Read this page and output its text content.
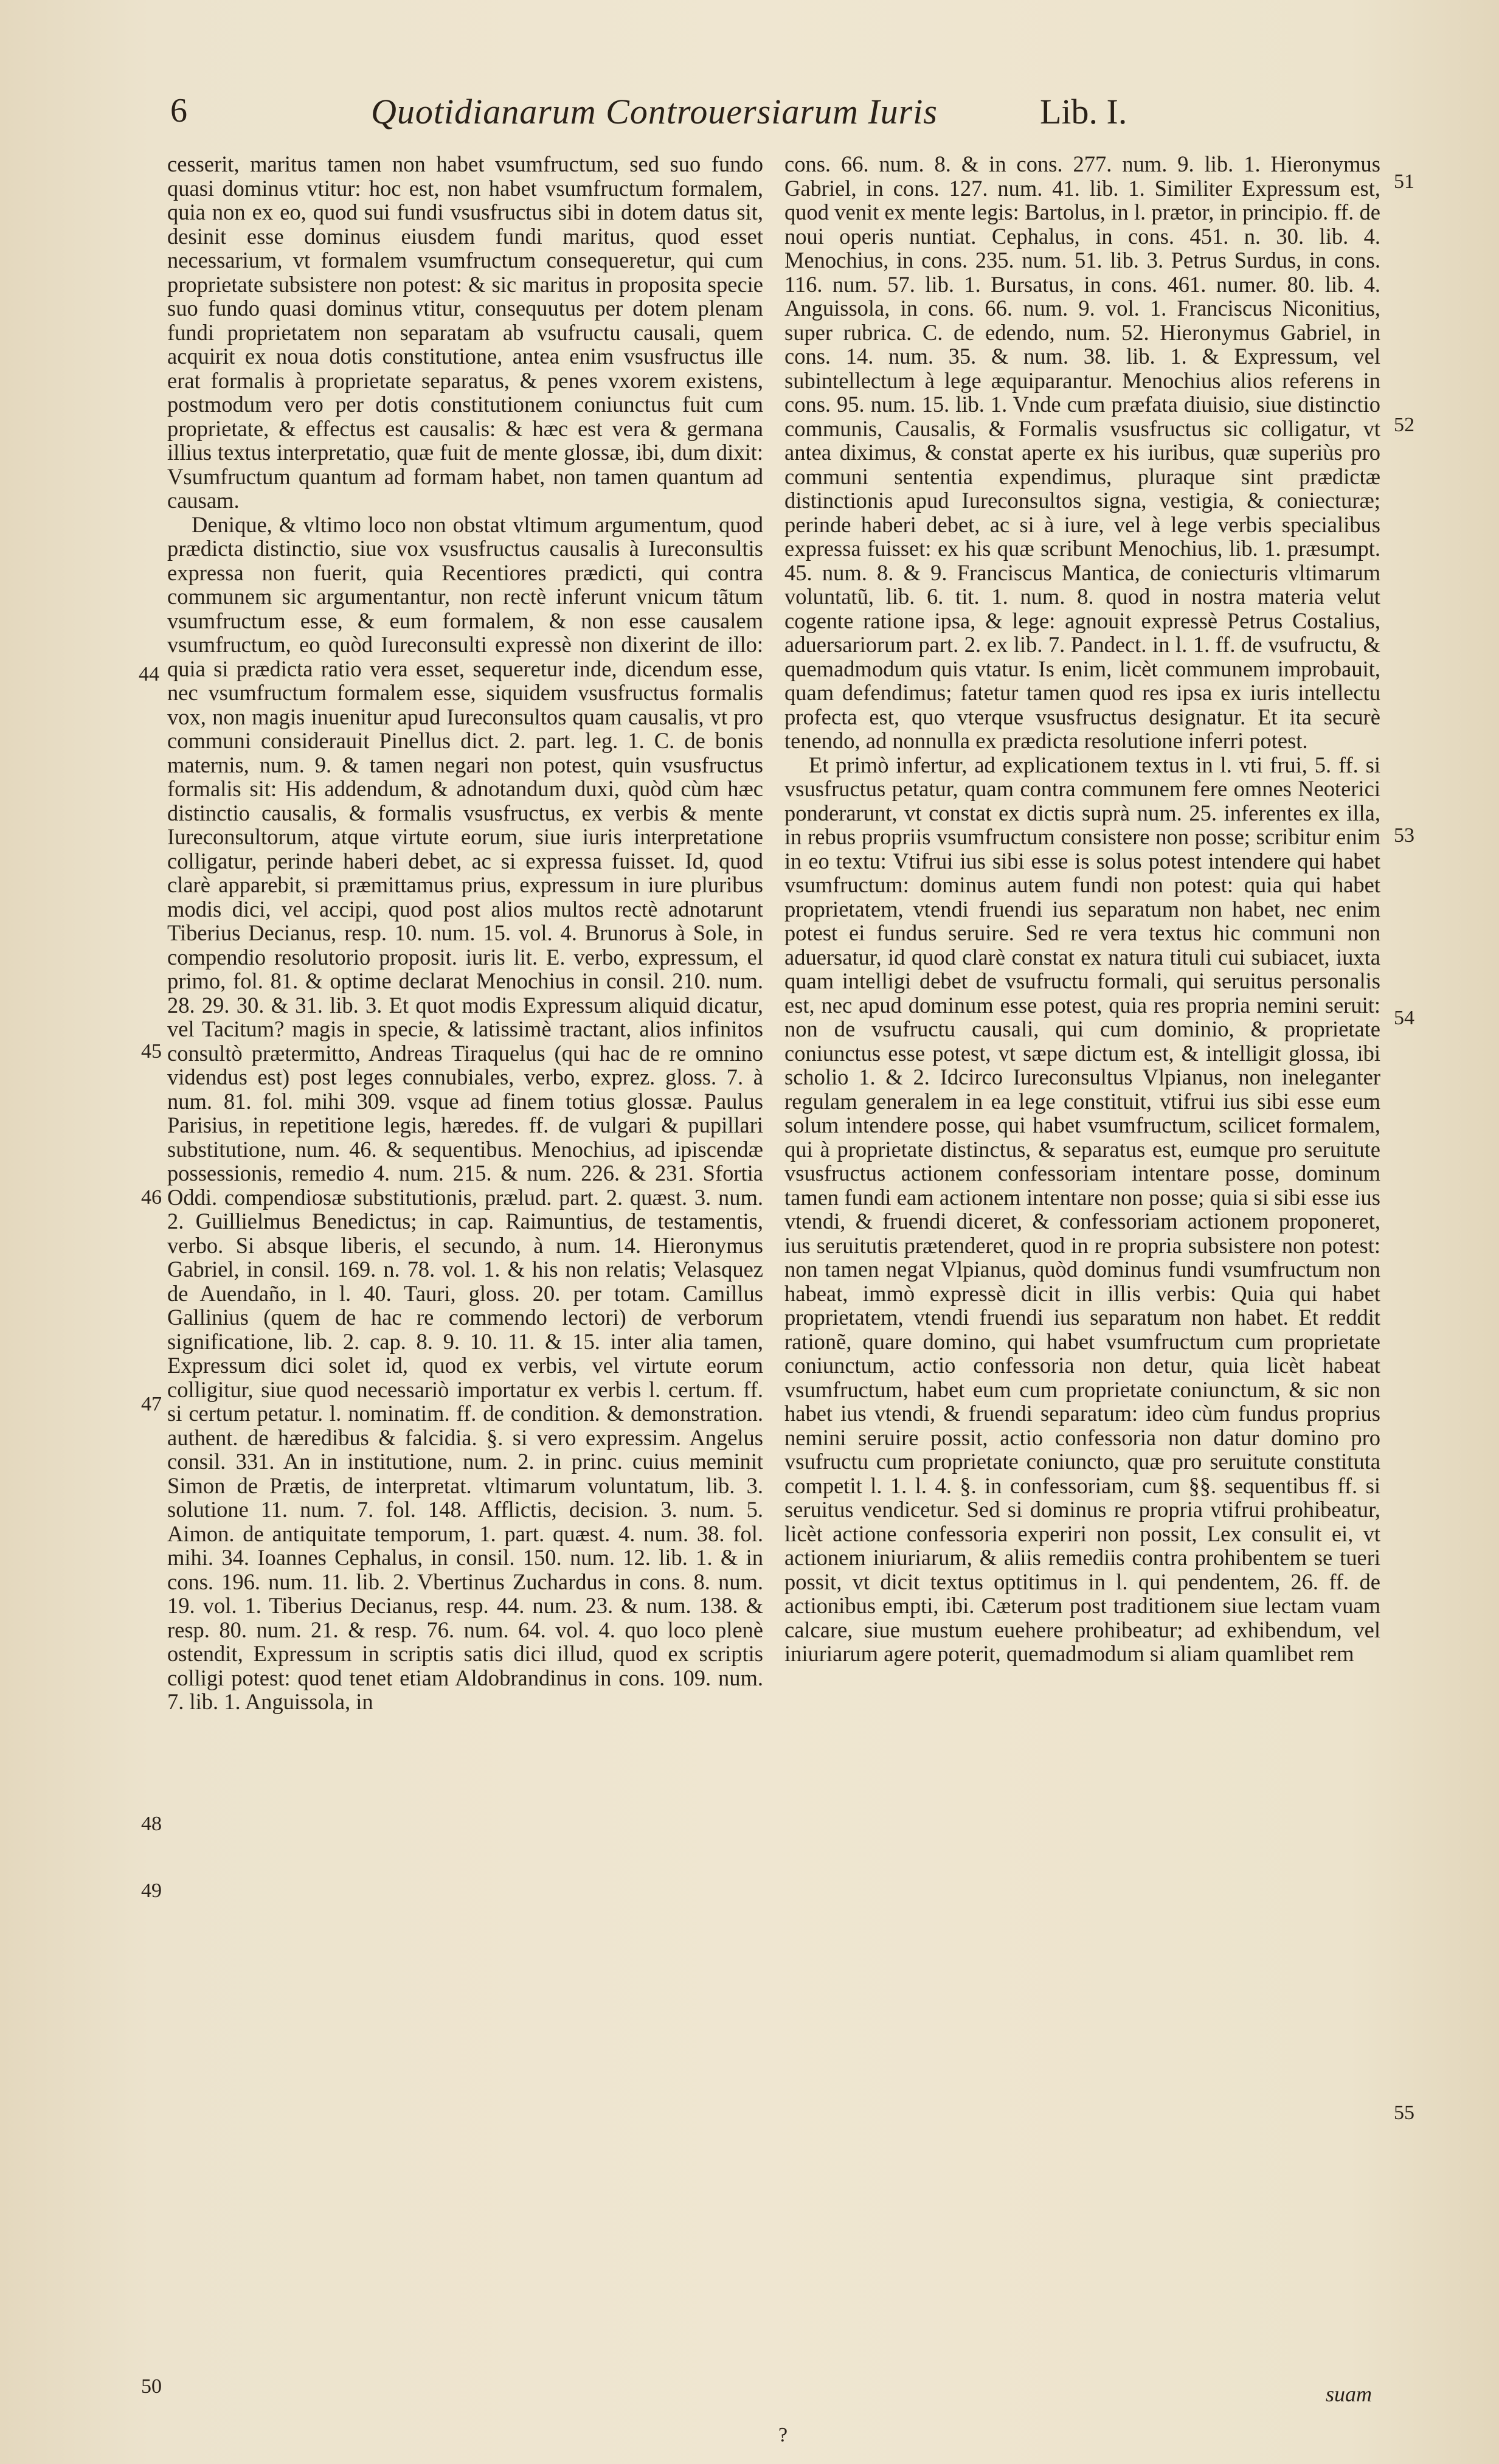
6	Quotidianarum Controuersiarum Iuris	Lib. I.

cesserit, maritus tamen non habet vsumfructum, sed suo fundo quasi dominus vtitur: hoc est, non habet vsumfructum formalem, quia non ex eo, quod sui fundi vsusfructus sibi in dotem datus sit, desinit esse dominus eiusdem fundi maritus, quod esset necessarium, vt formalem vsumfructum consequeretur, qui cum proprietate subsistere non potest: & sic maritus in proposita specie suo fundo quasi dominus vtitur, consequutus per dotem plenam fundi proprietatem non separatam ab vsufructu causali, quem acquirit ex noua dotis constitutione, antea enim vsusfructus ille erat formalis à proprietate separatus, & penes vxorem existens, postmodum vero per dotis constitutionem coniunctus fuit cum proprietate, & effectus est causalis: & hæc est vera & germana illius textus interpretatio, quæ fuit de mente glossæ, ibi, dum dixit: Vsumfructum quantum ad formam habet, non tamen quantum ad causam.

Denique, & vltimo loco non obstat vltimum argumentum, quod prædicta distinctio, siue vox vsusfructus causalis à Iureconsultis expressa non fuerit, quia Recentiores prædicti, qui contra communem sic argumentantur, non rectè inferunt vnicum tãtum vsumfructum esse, & eum formalem, & non esse causalem vsumfructum, eo quòd Iureconsulti expressè non dixerint de illo: quia si prædicta ratio vera esset, sequeretur inde, dicendum esse, nec vsumfructum formalem esse, siquidem vsusfructus formalis vox, non magis inuenitur apud Iureconsultos quam causalis, vt pro communi considerauit Pinellus dict. 2. part. leg. 1. C. de bonis maternis, num. 9. & tamen negari non potest, quin vsusfructus formalis sit: His addendum, & adnotandum duxi, quòd cùm hæc distinctio causalis, & formalis vsusfructus, ex verbis & mente Iureconsultorum, atque virtute eorum, siue iuris interpretatione colligatur, perinde haberi debet, ac si expressa fuisset. Id, quod clarè apparebit, si præmittamus prius, expressum in iure pluribus modis dici, vel accipi, quod post alios multos rectè adnotarunt Tiberius Decianus, resp. 10. num. 15. vol. 4. Brunorus à Sole, in compendio resolutorio proposit. iuris lit. E. verbo, expressum, el primo, fol. 81. & optime declarat Menochius in consil. 210. num. 28. 29. 30. & 31. lib. 3. Et quot modis Expressum aliquid dicatur, vel Tacitum? magis in specie, & latissimè tractant, alios infinitos consultò prætermitto, Andreas Tiraquelus (qui hac de re omnino videndus est) post leges connubiales, verbo, exprez. gloss. 7. à num. 81. fol. mihi 309. vsque ad finem totius glossæ. Paulus Parisius, in repetitione legis, hæredes. ff. de vulgari & pupillari substitutione, num. 46. & sequentibus. Menochius, ad ipiscendæ possessionis, remedio 4. num. 215. & num. 226. & 231. Sfortia Oddi. compendiosæ substitutionis, prælud. part. 2. quæst. 3. num. 2. Guillielmus Benedictus; in cap. Raimuntius, de testamentis, verbo. Si absque liberis, el secundo, à num. 14. Hieronymus Gabriel, in consil. 169. n. 78. vol. 1. & his non relatis; Velasquez de Auendaño, in l. 40. Tauri, gloss. 20. per totam. Camillus Gallinius (quem de hac re commendo lectori) de verborum significatione, lib. 2. cap. 8. 9. 10. 11. & 15. inter alia tamen, Expressum dici solet id, quod ex verbis, vel virtute eorum colligitur, siue quod necessariò importatur ex verbis l. certum. ff. si certum petatur. l. nominatim. ff. de condition. & demonstration. authent. de hæredibus & falcidia. §. si vero expressim. Angelus consil. 331. An in institutione, num. 2. in princ. cuius meminit Simon de Prætis, de interpretat. vltimarum voluntatum, lib. 3. solutione 11. num. 7. fol. 148. Afflictis, decision. 3. num. 5. Aimon. de antiquitate temporum, 1. part. quæst. 4. num. 38. fol. mihi. 34. Ioannes Cephalus, in consil. 150. num. 12. lib. 1. & in cons. 196. num. 11. lib. 2. Vbertinus Zuchardus in cons. 8. num. 19. vol. 1. Tiberius Decianus, resp. 44. num. 23. & num. 138. & resp. 80. num. 21. & resp. 76. num. 64. vol. 4. quo loco plenè ostendit, Expressum in scriptis satis dici illud, quod ex scriptis colligi potest: quod tenet etiam Aldobrandinus in cons. 109. num. 7. lib. 1. Anguissola, in

cons. 66. num. 8. & in cons. 277. num. 9. lib. 1. Hieronymus Gabriel, in cons. 127. num. 41. lib. 1. Similiter Expressum est, quod venit ex mente legis: Bartolus, in l. prætor, in principio. ff. de noui operis nuntiat. Cephalus, in cons. 451. n. 30. lib. 4. Menochius, in cons. 235. num. 51. lib. 3. Petrus Surdus, in cons. 116. num. 57. lib. 1. Bursatus, in cons. 461. numer. 80. lib. 4. Anguissola, in cons. 66. num. 9. vol. 1. Franciscus Niconitius, super rubrica. C. de edendo, num. 52. Hieronymus Gabriel, in cons. 14. num. 35. & num. 38. lib. 1. & Expressum, vel subintellectum à lege æquiparantur. Menochius alios referens in cons. 95. num. 15. lib. 1. Vnde cum præfata diuisio, siue distinctio communis, Causalis, & Formalis vsusfructus sic colligatur, vt antea diximus, & constat aperte ex his iuribus, quæ superiùs pro communi sententia expendimus, pluraque sint prædictæ distinctionis apud Iureconsultos signa, vestigia, & coniecturæ; perinde haberi debet, ac si à iure, vel à lege verbis specialibus expressa fuisset: ex his quæ scribunt Menochius, lib. 1. præsumpt. 45. num. 8. & 9. Franciscus Mantica, de coniecturis vltimarum voluntatũ, lib. 6. tit. 1. num. 8. quod in nostra materia velut cogente ratione ipsa, & lege: agnouit expressè Petrus Costalius, aduersariorum part. 2. ex lib. 7. Pandect. in l. 1. ff. de vsufructu, & quemadmodum quis vtatur. Is enim, licèt communem improbauit, quam defendimus; fatetur tamen quod res ipsa ex iuris intellectu profecta est, quo vterque vsusfructus designatur. Et ita securè tenendo, ad nonnulla ex prædicta resolutione inferri potest.

Et primò infertur, ad explicationem textus in l. vti frui, 5. ff. si vsusfructus petatur, quam contra communem fere omnes Neoterici ponderarunt, vt constat ex dictis suprà num. 25. inferentes ex illa, in rebus propriis vsumfructum consistere non posse; scribitur enim in eo textu: Vtifrui ius sibi esse is solus potest intendere qui habet vsumfructum: dominus autem fundi non potest: quia qui habet proprietatem, vtendi fruendi ius separatum non habet, nec enim potest ei fundus seruire. Sed re vera textus hic communi non aduersatur, id quod clarè constat ex natura tituli cui subiacet, iuxta quam intelligi debet de vsufructu formali, qui seruitus personalis est, nec apud dominum esse potest, quia res propria nemini seruit: non de vsufructu causali, qui cum dominio, & proprietate coniunctus esse potest, vt sæpe dictum est, & intelligit glossa, ibi scholio 1. & 2. Idcirco Iureconsultus Vlpianus, non ineleganter regulam generalem in ea lege constituit, vtifrui ius sibi esse eum solum intendere posse, qui habet vsumfructum, scilicet formalem, qui à proprietate distinctus, & separatus est, eumque pro seruitute vsusfructus actionem confessoriam intentare posse, dominum tamen fundi eam actionem intentare non posse; quia si sibi esse ius vtendi, & fruendi diceret, & confessoriam actionem proponeret, ius seruitutis prætenderet, quod in re propria subsistere non potest: non tamen negat Vlpianus, quòd dominus fundi vsumfructum non habeat, immò expressè dicit in illis verbis: Quia qui habet proprietatem, vtendi fruendi ius separatum non habet. Et reddit rationẽ, quare domino, qui habet vsumfructum cum proprietate coniunctum, actio confessoria non detur, quia licèt habeat vsumfructum, habet eum cum proprietate coniunctum, & sic non habet ius vtendi, & fruendi separatum: ideo cùm fundus proprius nemini seruire possit, actio confessoria non datur domino pro vsufructu cum proprietate coniuncto, quæ pro seruitute constituta competit l. 1. l. 4. §. in confessoriam, cum §§. sequentibus ff. si seruitus vendicetur. Sed si dominus re propria vtifrui prohibeatur, licèt actione confessoria experiri non possit, Lex consulit ei, vt actionem iniuriarum, & aliis remediis contra prohibentem se tueri possit, vt dicit textus optitimus in l. qui pendentem, 26. ff. de actionibus empti, ibi. Cæterum post traditionem siue lectam vuam calcare, siue mustum euehere prohibeatur; ad exhibendum, vel iniuriarum agere poterit, quemadmodum si aliam quamlibet rem

44
45
46
47
48
49
50
51
52
53
54
55
suam
?
